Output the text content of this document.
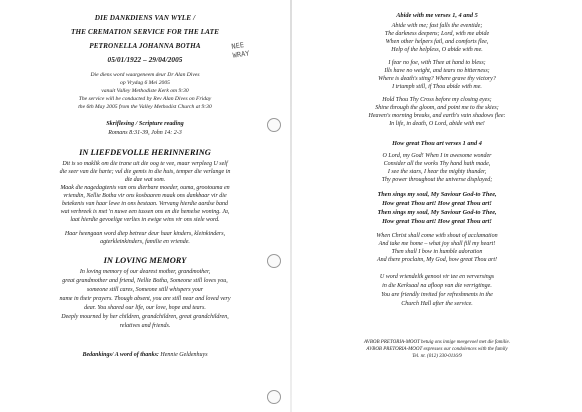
DIE DANKDIENS VAN WYLE /
THE CREMATION SERVICE FOR THE LATE
PETRONELLA JOHANNA BOTHA
05/01/1922 – 29/04/2005
NEE
WRAY
Die diens word waargeneem deur Dr Alan Dives
op Vrydag 6 Mei 2005
vanuit Valley Methodiste Kerk om 9:30
The service will be conducted by Rev Alan Dives on Friday
the 6th May 2005 from the Valley Methodist Church at 9:30
Skriflesing / Scripture reading
Romans 8:31-39, John 14: 2-3
IN LIEFDEVOLLE HERINNERING
Dit is so maklik om die trane uit die oog te vee, maar verpleeg U self
die seer van die harte; vul die gemis in die huis, temper die verlange in
die dae wat som.
Maak die nagedagtenis van ons dierbare moeder, ouma, grootouma en
vriendin, Nellie Botha vir ons kosbaaren maak ons dankbaar vir die
betekenis van haar lewe in ons bestaan. Vervang hierdie aardse band
wat verbreek is met 'n nuwe een tussen ons en die hemelse woning. Ja,
laat hierdie gevoelige verlies in ewige wins vir ons siele word.
Haar heengaan word diep betreur deur haar kinders, kleinkinders,
agterkleinkinders, familie en vriende.
IN LOVING MEMORY
In loving memory of our dearest mother, grandmother,
great grandmother and friend, Nellie Botha, Someone still loves you,
someone still cares, Someone still whispers your
name in their prayers. Though absent, you are still near and loved very
dear. You shared our life, our love, hope and tears.
Deeply mourned by her children, grandchildren, great grandchildren,
relatives and friends.
Bedankings/ A word of thanks: Hennie Geldenhuys
Abide with me verses 1, 4 and 5
Abide with me; fast falls the eventide;
The darkness deepens; Lord, with me abide
When other helpers fail, and comforts flee,
Help of the helpless, O abide with me.
I fear no foe, with Thee at hand to bless;
Ills have no weight, and tears no bitterness;
Where is death's sting? Where grave thy victory?
I triumph still, if Thou abide with me.
Hold Thou Thy Cross before my closing eyes;
Shine through the gloom, and point me to the skies;
Heaven's morning breaks, and earth's vain shadows flee:
In life, in death, O Lord, abide with me!
How great Thou art verses 1 and 4
O Lord, my God! When I in awesome wonder
Consider all the works Thy hand hath made,
I see the stars, I hear the mighty thunder,
Thy power throughout the universe displayed;
Then sings my soul, My Saviour God-to Thee,
How great Thou art! How great Thou art!
Then sings my soul, My Saviour God-to Thee,
How great Thou art! How great Thou art!
When Christ shall come with shout of acclamation
And take me home – what joy shall fill my heart!
Then shall I bow in humble adoration
And there proclaim, My God, how great Thou art!
U word vriendelik genooi vir tee en verversings
in die Kerksaal na afloop van die verrigtinge.
You are friendly invited for refreshments in the
Church Hall after the service.
AVBOB PRETORIA-MOOT betuig ons innige meegevoel met die familie.
AVBOB PRETORIA-MOOT expresses our condolences with the family
Tel. nr. (012) 330-0116/9
